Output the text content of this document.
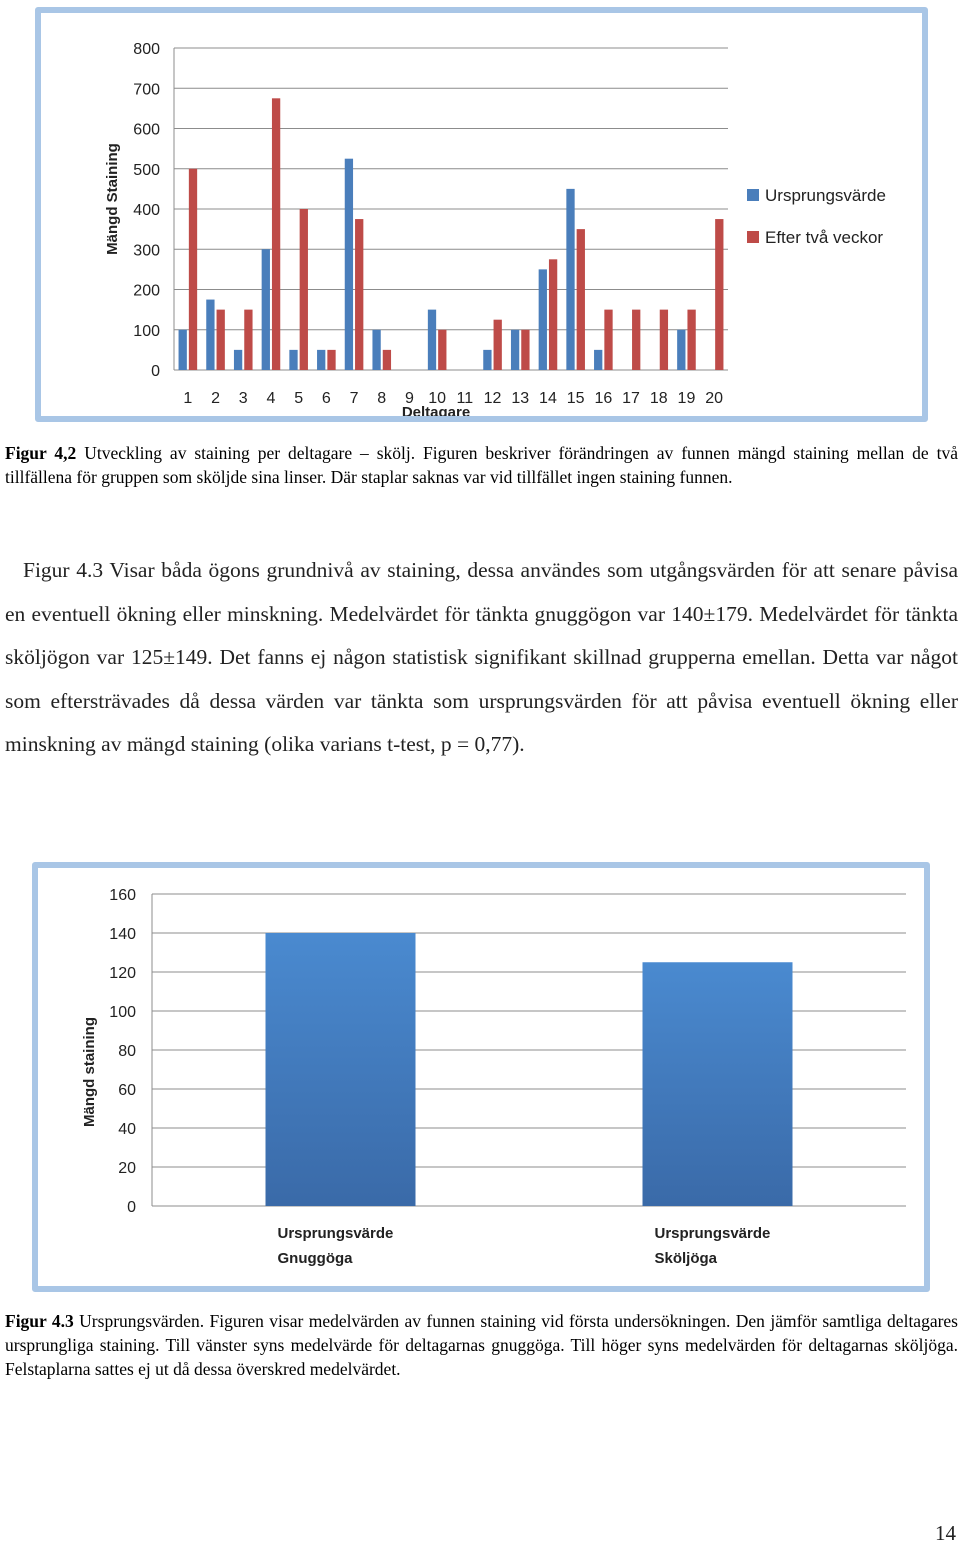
0
100
200
300
400
500
600
700
800
1 2 3 4 5 6 7 8 9 10 11 12 13 14 15 16 17 18 19 20
Deltagare
Mängd Staining	Ursprungsvärde
Efter två veckor
Figur 4,2 Utveckling av staining per deltagare – skölj. Figuren beskriver förändringen av funnen mängd staining mellan de två tillfällena för gruppen som sköljde sina linser. Där staplar saknas var vid tillfället ingen staining funnen.
Figur 4.3 Visar båda ögons grundnivå av staining, dessa användes som utgångsvärden för att senare påvisa en eventuell ökning eller minskning. Medelvärdet för tänkta gnuggögon var 140±179. Medelvärdet för tänkta sköljögon var 125±149. Det fanns ej någon statistisk signifikant skillnad grupperna emellan. Detta var något som eftersträvades då dessa värden var tänkta som ursprungsvärden för att påvisa eventuell ökning eller minskning av mängd staining (olika varians t-test, p = 0,77).
0
20
40
60
80
100
120
140
160
Ursprungsvärde
Gnuggöga
Ursprungsvärde
Sköljöga
Mängd staining
Figur 4.3 Ursprungsvärden. Figuren visar medelvärden av funnen staining vid första undersökningen. Den jämför samtliga deltagares ursprungliga staining. Till vänster syns medelvärde för deltagarnas gnuggöga. Till höger syns medelvärden för deltagarnas sköljöga. Felstaplarna sattes ej ut då dessa överskred medelvärdet.
14
